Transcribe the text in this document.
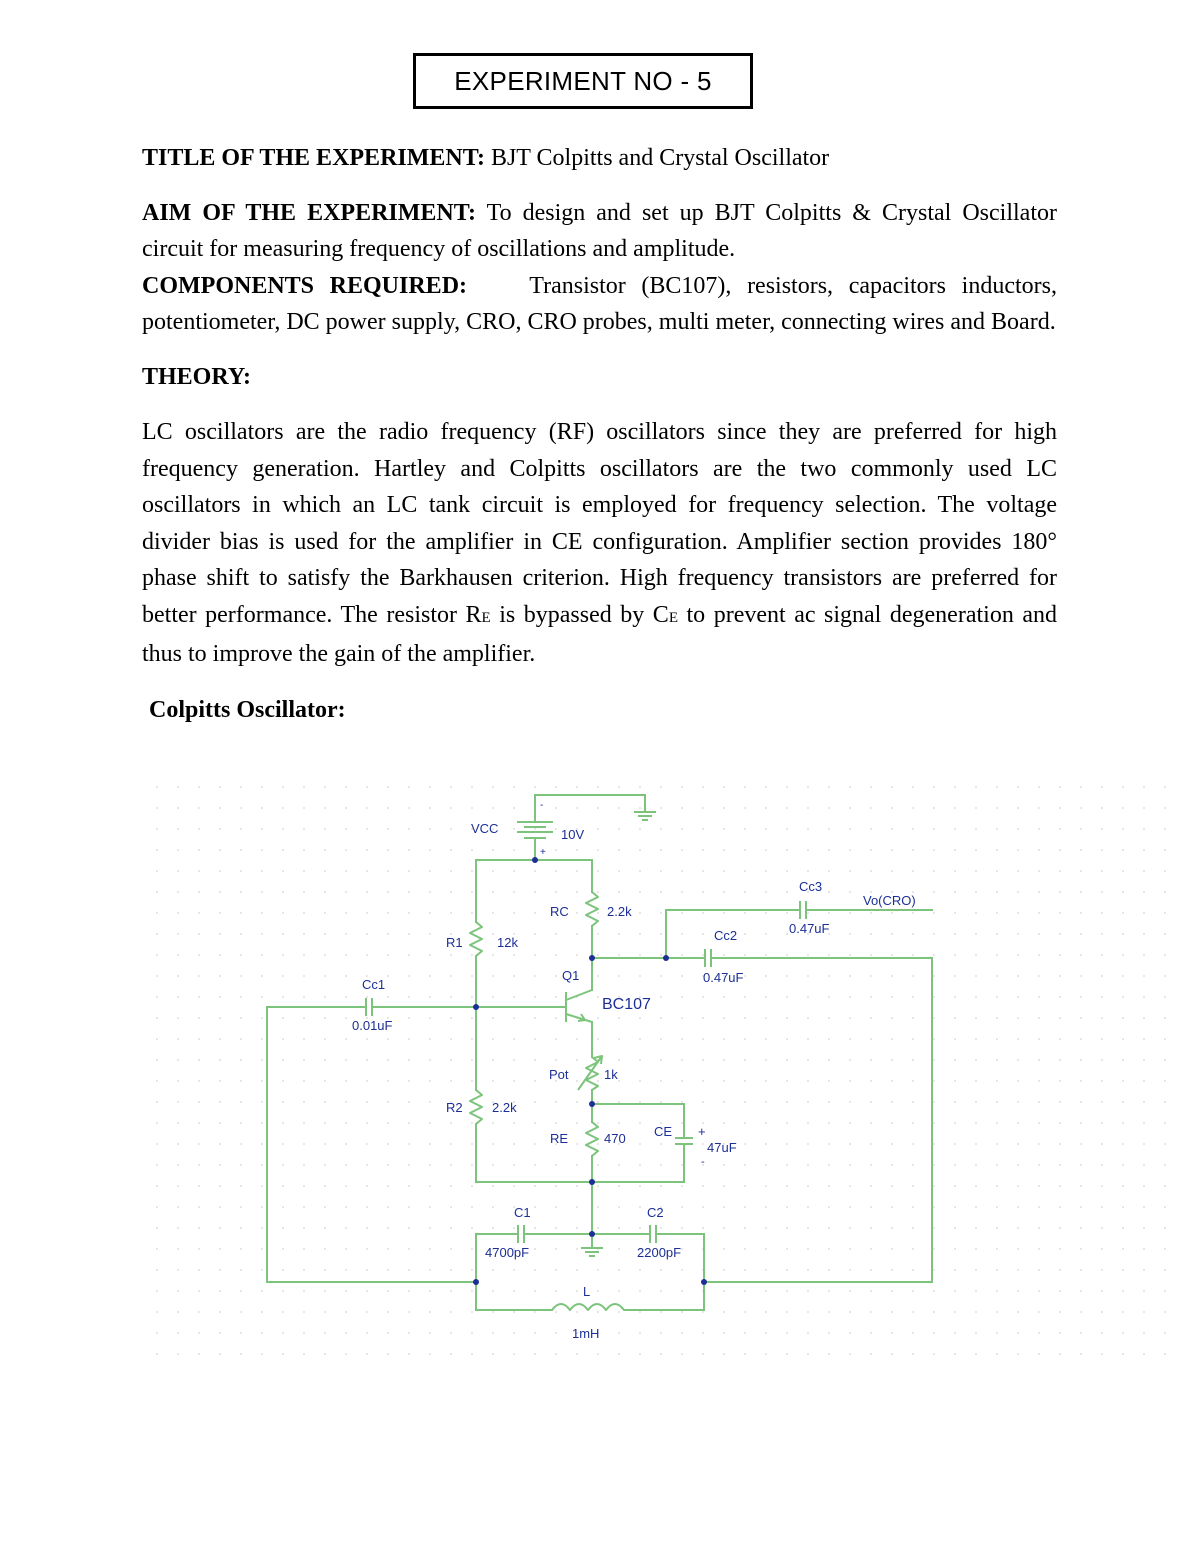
EXPERIMENT NO - 5

TITLE OF THE EXPERIMENT: BJT Colpitts and Crystal Oscillator

AIM OF THE EXPERIMENT: To design and set up BJT Colpitts & Crystal Oscillator circuit for measuring frequency of oscillations and amplitude.

COMPONENTS REQUIRED:	Transistor (BC107), resistors, capacitors inductors, potentiometer, DC power supply, CRO, CRO probes, multi meter, connecting wires and Board.

THEORY:

LC oscillators are the radio frequency (RF) oscillators since they are preferred for high frequency generation. Hartley and Colpitts oscillators are the two commonly used LC oscillators in which an LC tank circuit is employed for frequency selection. The voltage divider bias is used for the amplifier in CE configuration. Amplifier section provides 180° phase shift to satisfy the Barkhausen criterion. High frequency transistors are preferred for better performance. The resistor RE is bypassed by CE to prevent ac signal degeneration and thus to improve the gain of the amplifier.

Colpitts Oscillator:

VCC	10V
-
+
RC	2.2k
R1	12k
R2 2.2k
Q1
BC107
Pot	1k
RE	470 CE +
47uF
-
Cc1
0.01uF
Cc2
0.47uF
Cc3
0.47uF
Vo(CRO)
C1
4700pF
C2
2200pF
L
1mH
